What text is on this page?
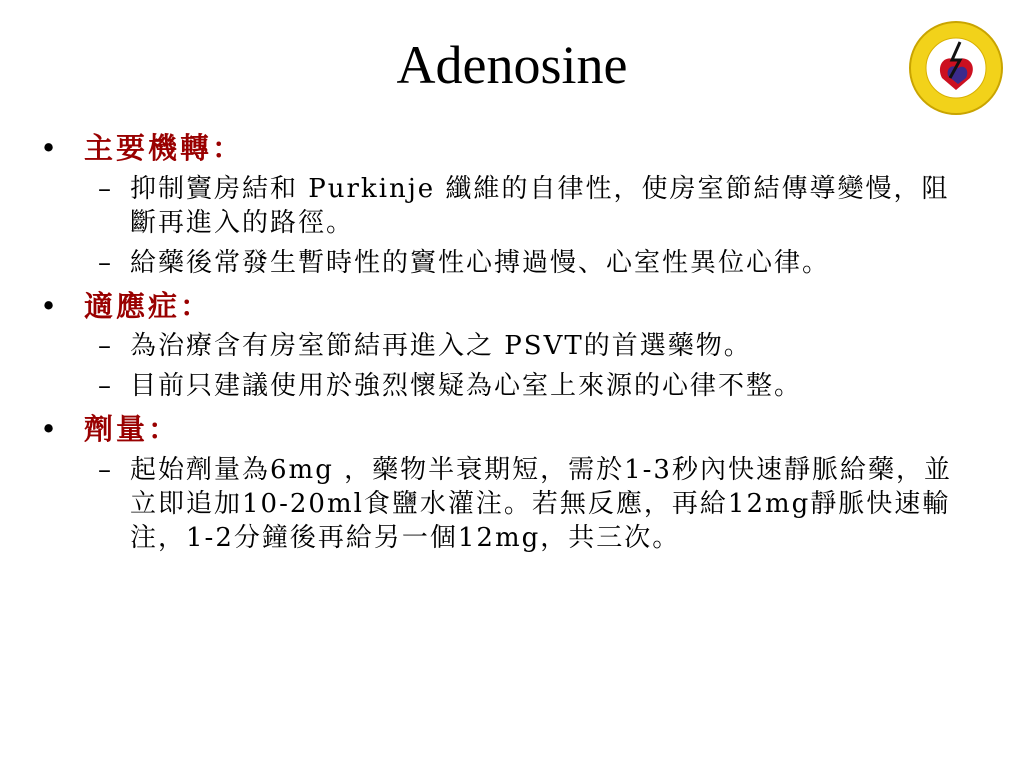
Adenosine
• 主要機轉：
– 抑制竇房結和 Purkinje 纖維的自律性，使房室節結傳導變慢，阻斷再進入的路徑。
– 給藥後常發生暫時性的竇性心搏過慢、心室性異位心律。
• 適應症：
– 為治療含有房室節結再進入之 PSVT的首選藥物。
– 目前只建議使用於強烈懷疑為心室上來源的心律不整。
• 劑量：
– 起始劑量為6mg ，藥物半衰期短，需於1-3秒內快速靜脈給藥，並立即追加10-20ml食鹽水灌注。若無反應，再給12mg靜脈快速輸注，1-2分鐘後再給另一個12mg，共三次。
